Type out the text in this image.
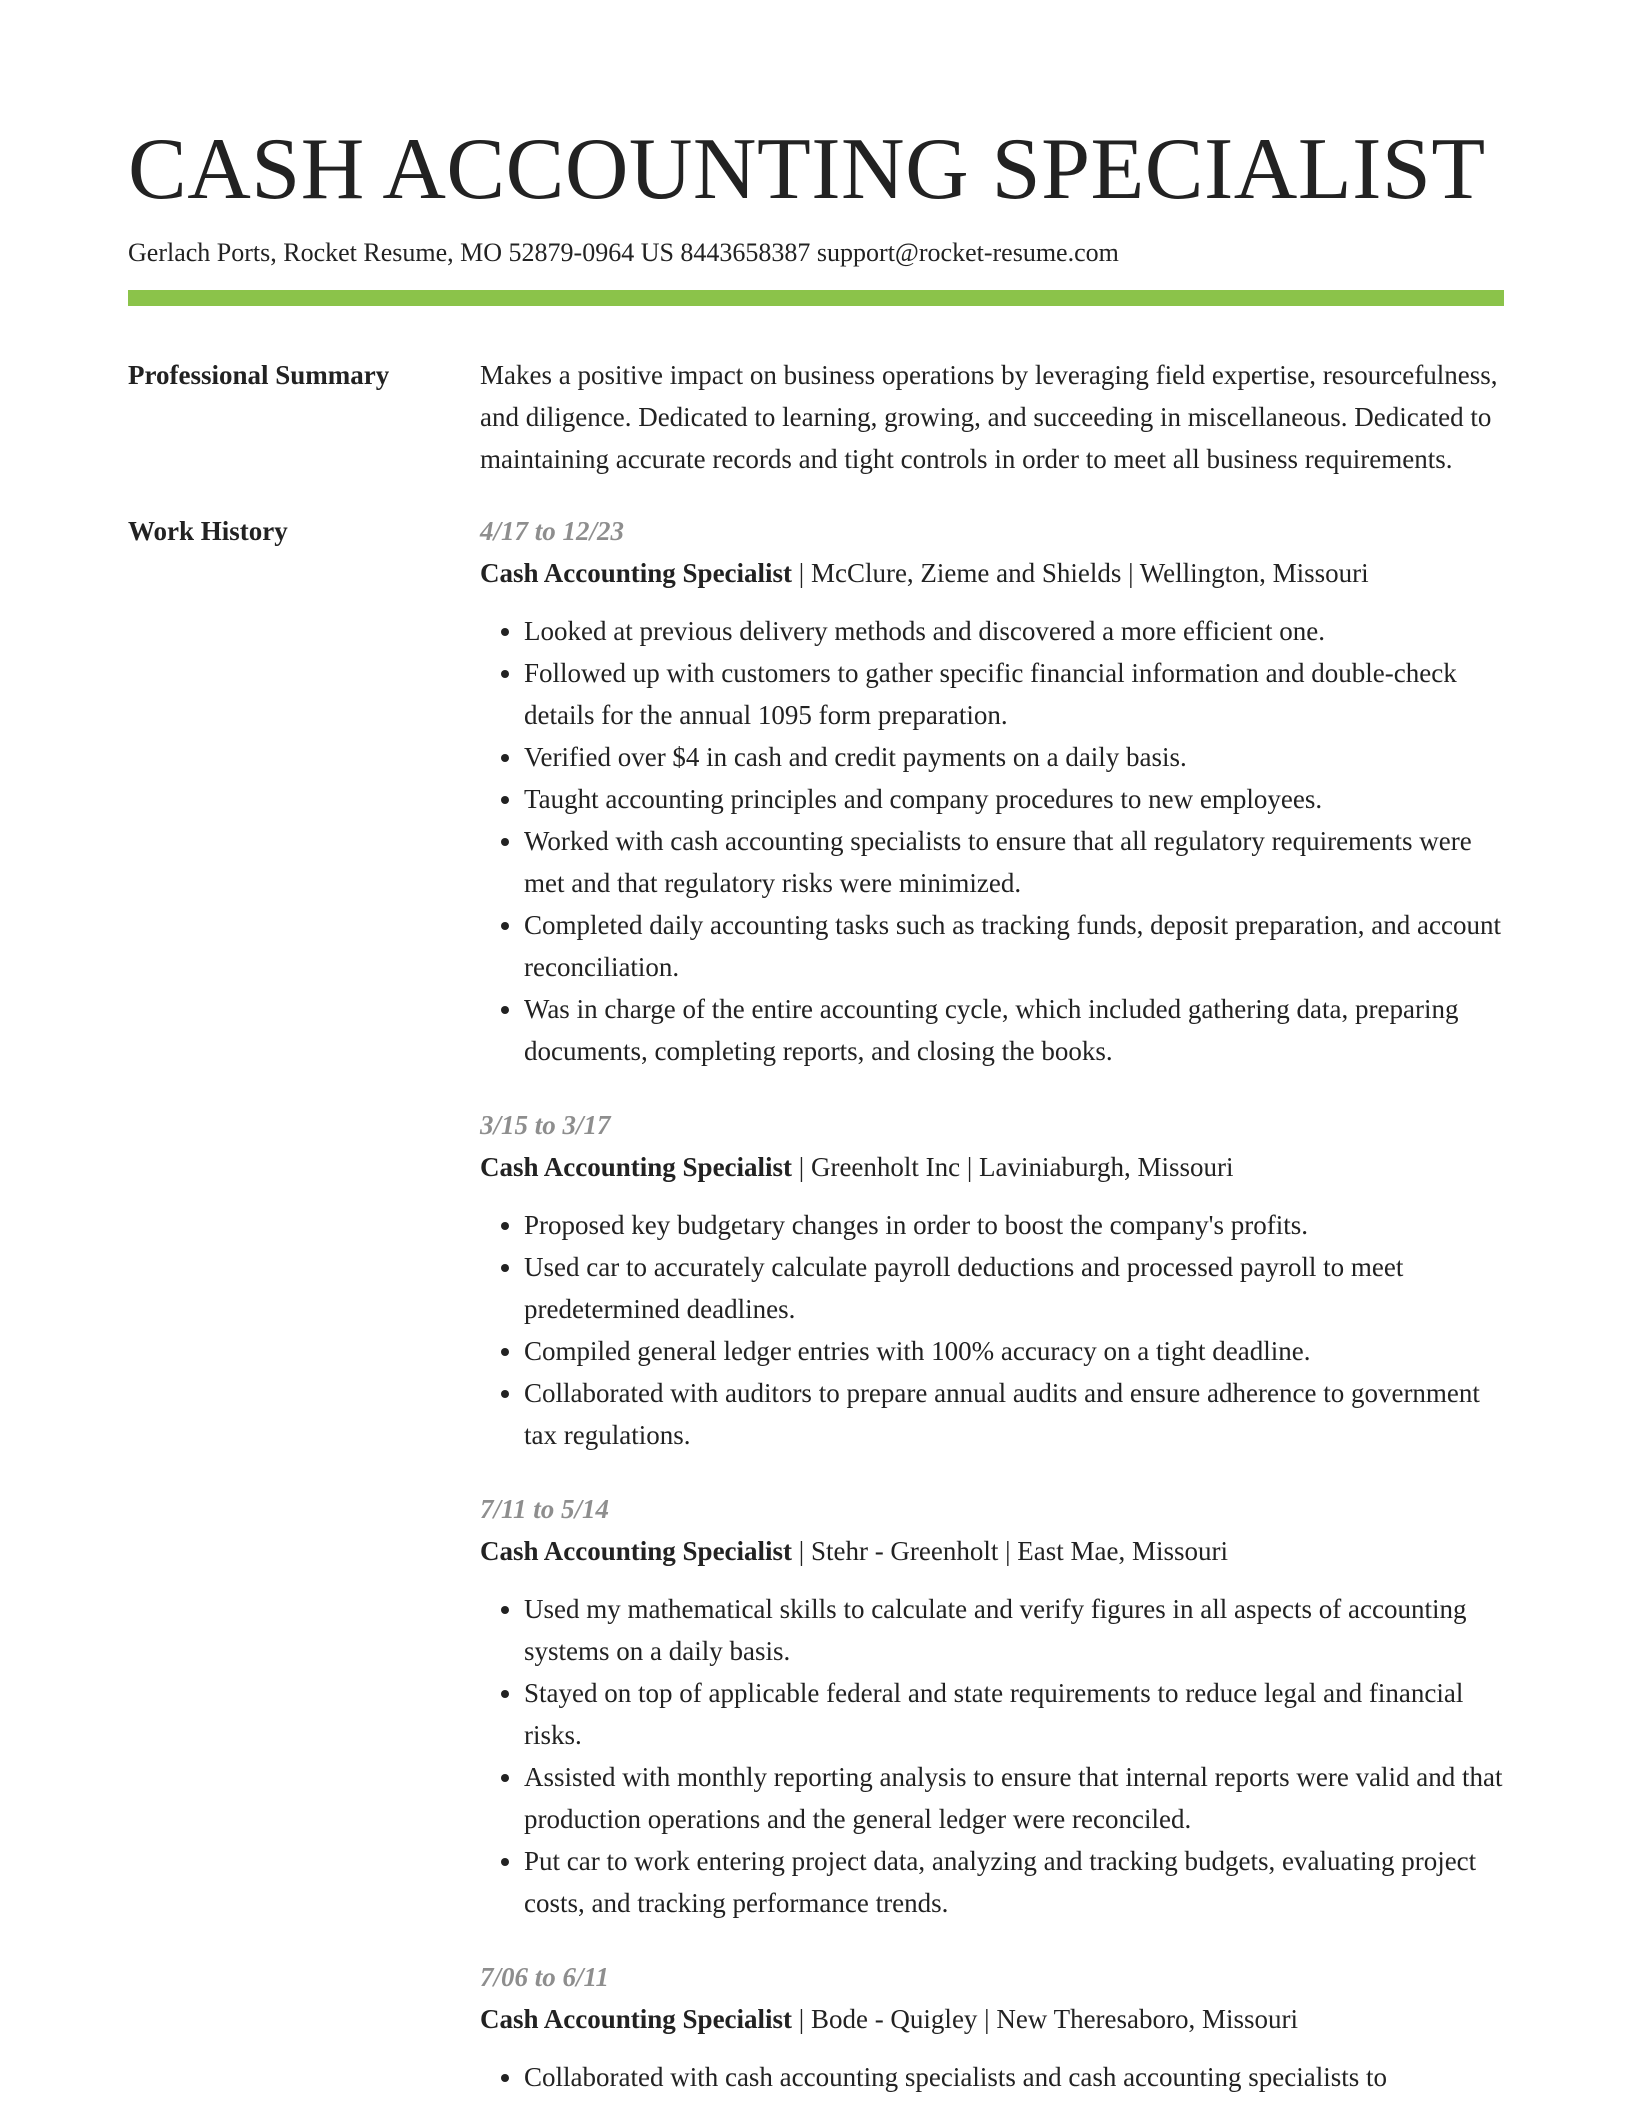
CASH ACCOUNTING SPECIALIST
Gerlach Ports, Rocket Resume, MO 52879-0964 US 8443658387 support@rocket-resume.com
Professional Summary	Makes a positive impact on business operations by leveraging field expertise, resourcefulness, and diligence. Dedicated to learning, growing, and succeeding in miscellaneous. Dedicated to maintaining accurate records and tight controls in order to meet all business requirements.
Work History	4/17 to 12/23
Cash Accounting Specialist | McClure, Zieme and Shields | Wellington, Missouri
• Looked at previous delivery methods and discovered a more efficient one.
• Followed up with customers to gather specific financial information and double-check details for the annual 1095 form preparation.
• Verified over $4 in cash and credit payments on a daily basis.
• Taught accounting principles and company procedures to new employees.
• Worked with cash accounting specialists to ensure that all regulatory requirements were met and that regulatory risks were minimized.
• Completed daily accounting tasks such as tracking funds, deposit preparation, and account reconciliation.
• Was in charge of the entire accounting cycle, which included gathering data, preparing documents, completing reports, and closing the books.
3/15 to 3/17
Cash Accounting Specialist | Greenholt Inc | Laviniaburgh, Missouri
• Proposed key budgetary changes in order to boost the company's profits.
• Used car to accurately calculate payroll deductions and processed payroll to meet predetermined deadlines.
• Compiled general ledger entries with 100% accuracy on a tight deadline.
• Collaborated with auditors to prepare annual audits and ensure adherence to government tax regulations.
7/11 to 5/14
Cash Accounting Specialist | Stehr - Greenholt | East Mae, Missouri
• Used my mathematical skills to calculate and verify figures in all aspects of accounting systems on a daily basis.
• Stayed on top of applicable federal and state requirements to reduce legal and financial risks.
• Assisted with monthly reporting analysis to ensure that internal reports were valid and that production operations and the general ledger were reconciled.
• Put car to work entering project data, analyzing and tracking budgets, evaluating project costs, and tracking performance trends.
7/06 to 6/11
Cash Accounting Specialist | Bode - Quigley | New Theresaboro, Missouri
• Collaborated with cash accounting specialists and cash accounting specialists to
